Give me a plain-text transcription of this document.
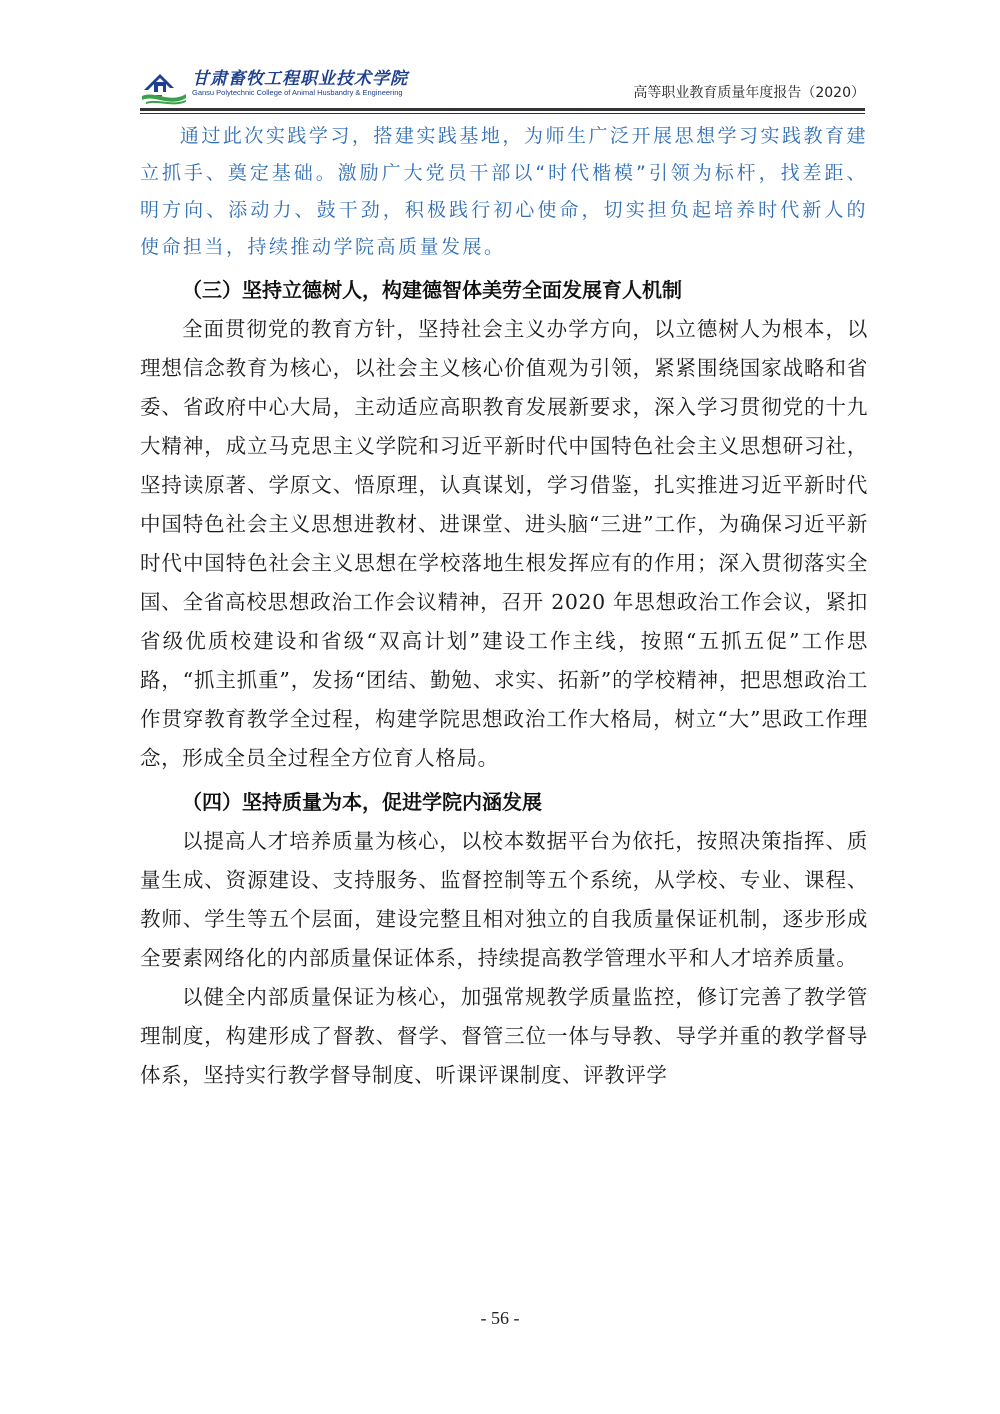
甘肃畜牧工程职业技术学院
Gansu Polytechnic College of Animal Husbandry & Engineering	高等职业教育质量年度报告（2020）

通过此次实践学习，搭建实践基地，为师生广泛开展思想学习实践教育建立抓手、奠定基础。激励广大党员干部以“时代楷模”引领为标杆，找差距、明方向、添动力、鼓干劲，积极践行初心使命，切实担负起培养时代新人的使命担当，持续推动学院高质量发展。

（三）坚持立德树人，构建德智体美劳全面发展育人机制

全面贯彻党的教育方针，坚持社会主义办学方向，以立德树人为根本，以理想信念教育为核心，以社会主义核心价值观为引领，紧紧围绕国家战略和省委、省政府中心大局，主动适应高职教育发展新要求，深入学习贯彻党的十九大精神，成立马克思主义学院和习近平新时代中国特色社会主义思想研习社，坚持读原著、学原文、悟原理，认真谋划，学习借鉴，扎实推进习近平新时代中国特色社会主义思想进教材、进课堂、进头脑“三进”工作，为确保习近平新时代中国特色社会主义思想在学校落地生根发挥应有的作用；深入贯彻落实全国、全省高校思想政治工作会议精神，召开 2020 年思想政治工作会议，紧扣省级优质校建设和省级“双高计划”建设工作主线，按照“五抓五促”工作思路，“抓主抓重”，发扬“团结、勤勉、求实、拓新”的学校精神，把思想政治工作贯穿教育教学全过程，构建学院思想政治工作大格局，树立“大”思政工作理念，形成全员全过程全方位育人格局。

（四）坚持质量为本，促进学院内涵发展

以提高人才培养质量为核心，以校本数据平台为依托，按照决策指挥、质量生成、资源建设、支持服务、监督控制等五个系统，从学校、专业、课程、教师、学生等五个层面，建设完整且相对独立的自我质量保证机制，逐步形成全要素网络化的内部质量保证体系，持续提高教学管理水平和人才培养质量。

以健全内部质量保证为核心，加强常规教学质量监控，修订完善了教学管理制度，构建形成了督教、督学、督管三位一体与导教、导学并重的教学督导体系，坚持实行教学督导制度、听课评课制度、评教评学

- 56 -
